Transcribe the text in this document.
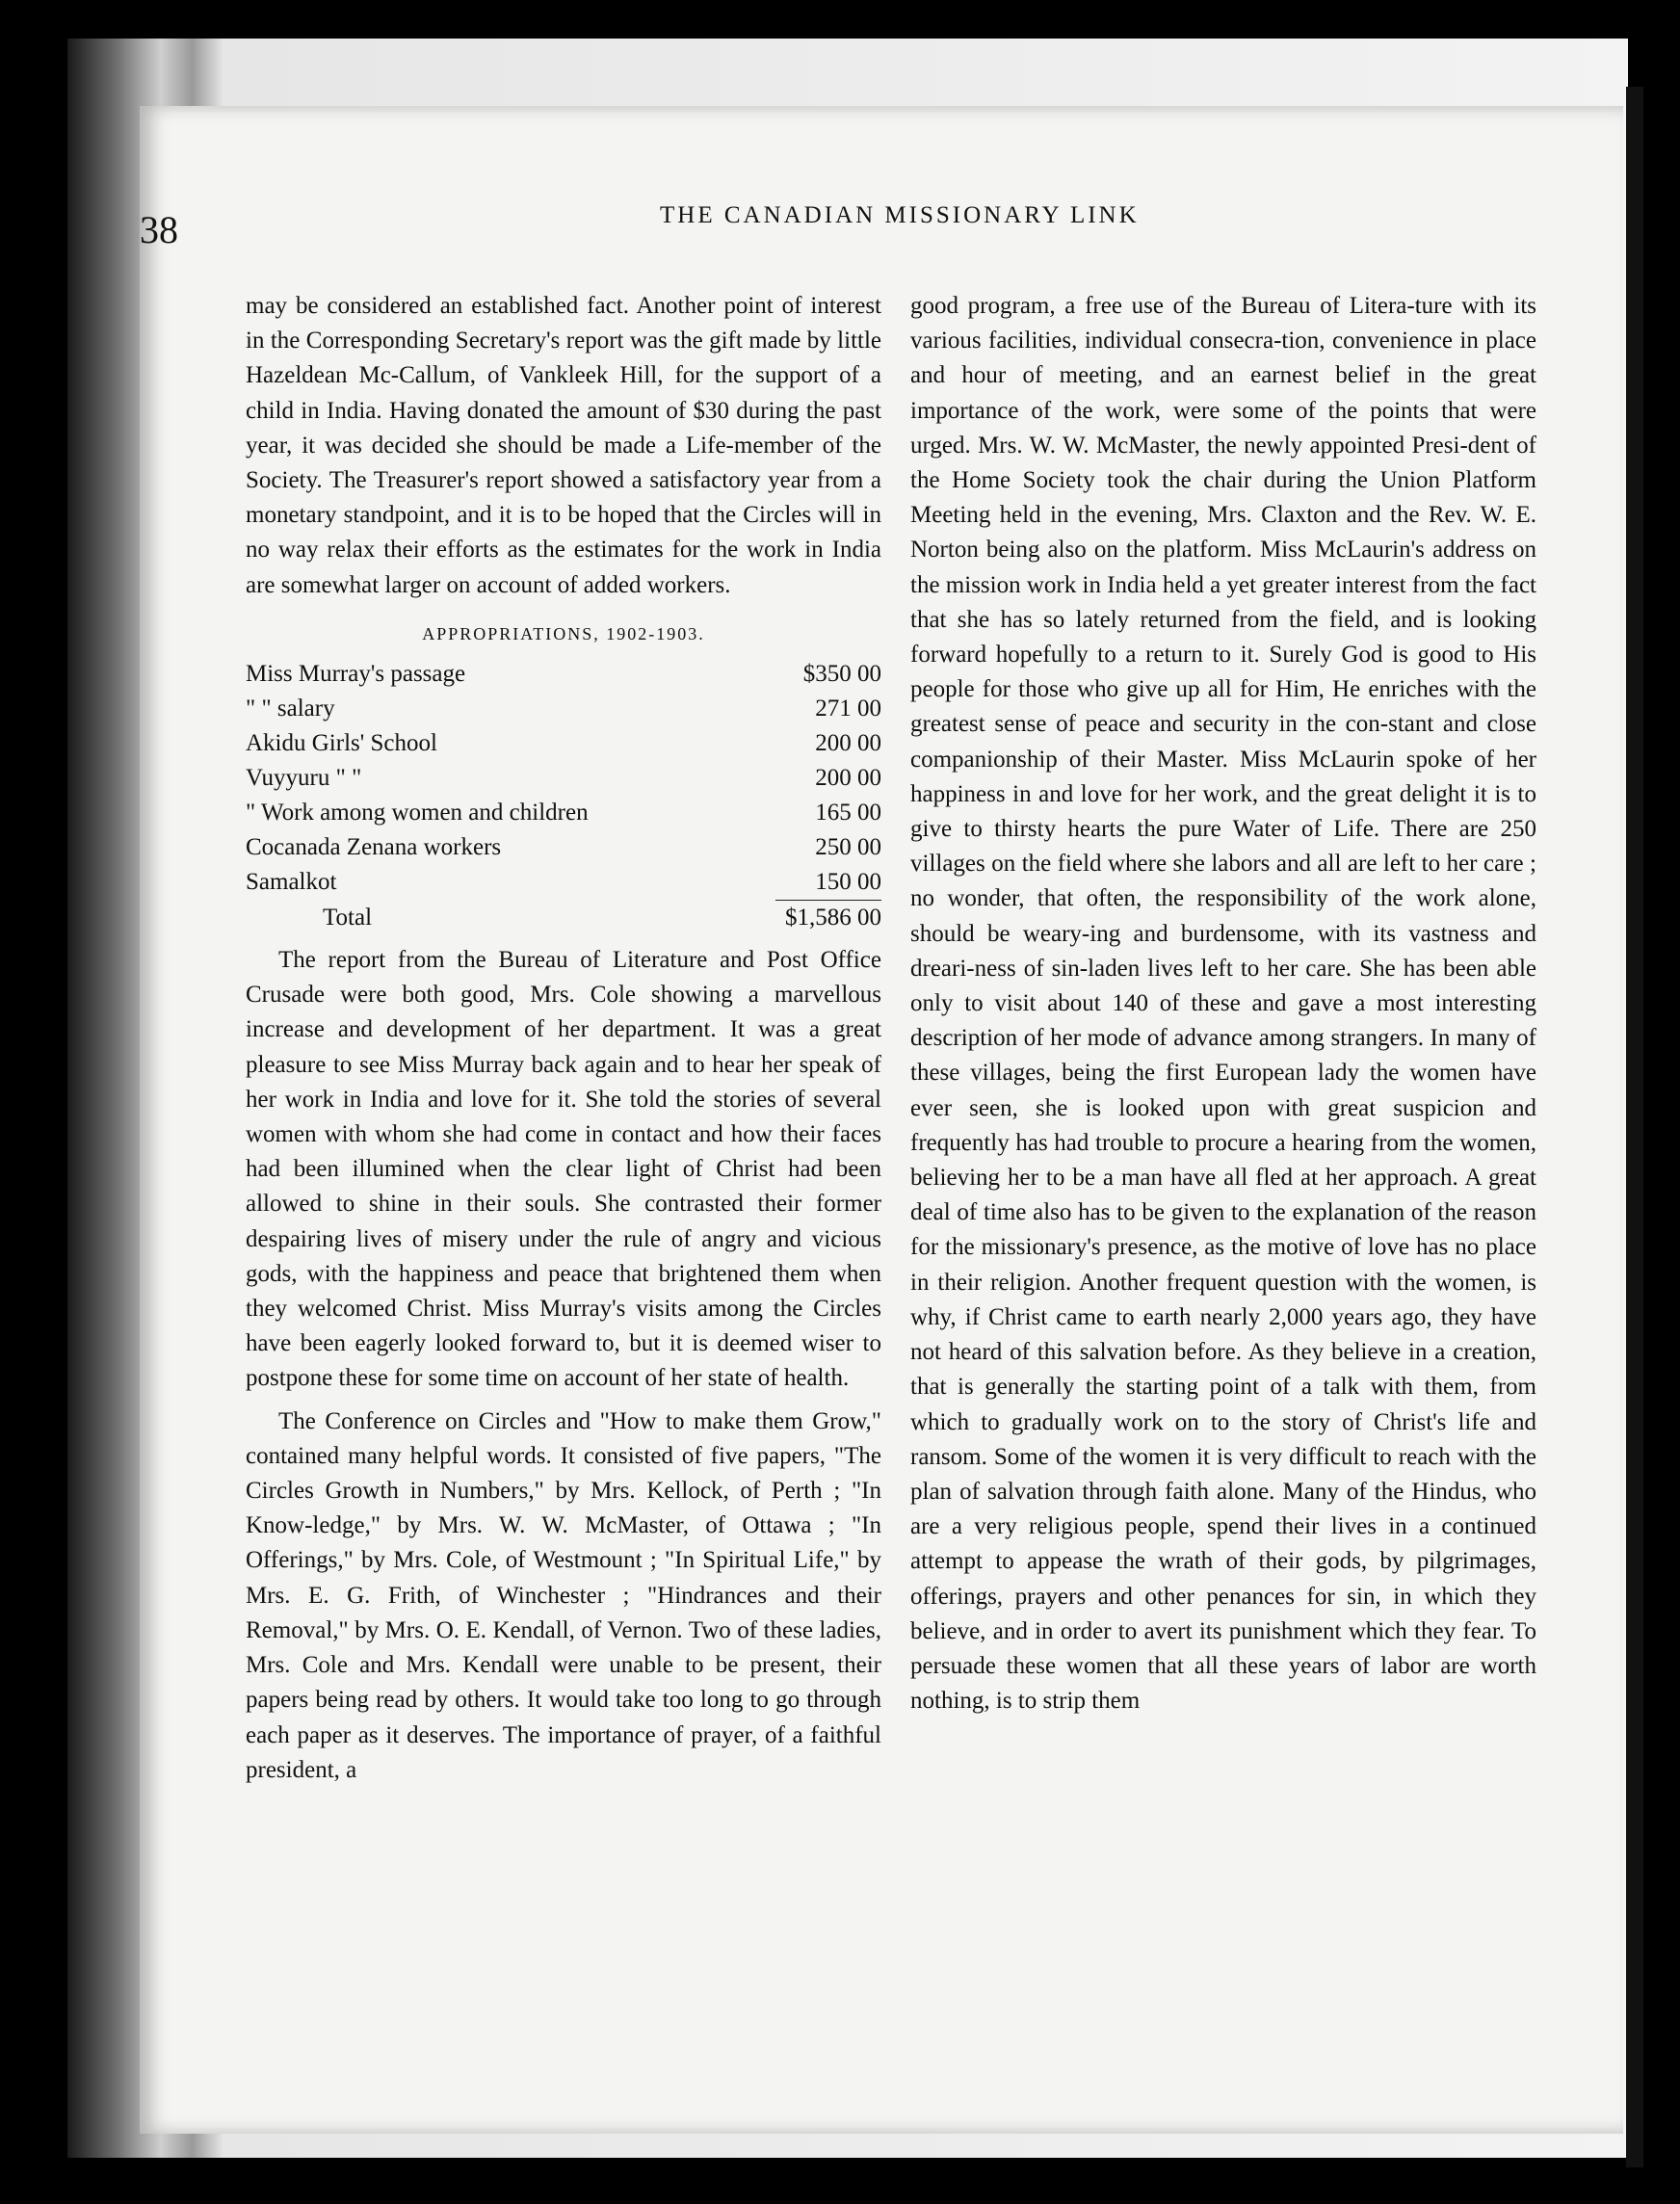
38	THE CANADIAN MISSIONARY LINK

may be considered an established fact. Another point of interest in the Corresponding Secretary's report was the gift made by little Hazeldean Mc-Callum, of Vankleek Hill, for the support of a child in India. Having donated the amount of $30 during the past year, it was decided she should be made a Life-member of the Society. The Treasurer's report showed a satisfactory year from a monetary standpoint, and it is to be hoped that the Circles will in no way relax their efforts as the estimates for the work in India are somewhat larger on account of added workers.

APPROPRIATIONS, 1902-1903.
Miss Murray's passage	$350 00
" " salary	271 00
Akidu Girls' School	200 00
Vuyyuru " "	200 00
" Work among women and children	165 00
Cocanada Zenana workers	250 00
Samalkot	150 00
Total	$1,586 00

The report from the Bureau of Literature and Post Office Crusade were both good, Mrs. Cole showing a marvellous increase and development of her department. It was a great pleasure to see Miss Murray back again and to hear her speak of her work in India and love for it. She told the stories of several women with whom she had come in contact and how their faces had been illumined when the clear light of Christ had been allowed to shine in their souls. She contrasted their former despairing lives of misery under the rule of angry and vicious gods, with the happiness and peace that brightened them when they welcomed Christ. Miss Murray's visits among the Circles have been eagerly looked forward to, but it is deemed wiser to postpone these for some time on account of her state of health.

The Conference on Circles and "How to make them Grow," contained many helpful words. It consisted of five papers, "The Circles Growth in Numbers," by Mrs. Kellock, of Perth ; "In Know-ledge," by Mrs. W. W. McMaster, of Ottawa ; "In Offerings," by Mrs. Cole, of Westmount ; "In Spiritual Life," by Mrs. E. G. Frith, of Winchester ; "Hindrances and their Removal," by Mrs. O. E. Kendall, of Vernon. Two of these ladies, Mrs. Cole and Mrs. Kendall were unable to be present, their papers being read by others. It would take too long to go through each paper as it deserves. The importance of prayer, of a faithful president, a

good program, a free use of the Bureau of Litera-ture with its various facilities, individual consecra-tion, convenience in place and hour of meeting, and an earnest belief in the great importance of the work, were some of the points that were urged. Mrs. W. W. McMaster, the newly appointed Presi-dent of the Home Society took the chair during the Union Platform Meeting held in the evening, Mrs. Claxton and the Rev. W. E. Norton being also on the platform. Miss McLaurin's address on the mission work in India held a yet greater interest from the fact that she has so lately returned from the field, and is looking forward hopefully to a return to it. Surely God is good to His people for those who give up all for Him, He enriches with the greatest sense of peace and security in the con-stant and close companionship of their Master. Miss McLaurin spoke of her happiness in and love for her work, and the great delight it is to give to thirsty hearts the pure Water of Life. There are 250 villages on the field where she labors and all are left to her care ; no wonder, that often, the responsibility of the work alone, should be weary-ing and burdensome, with its vastness and dreari-ness of sin-laden lives left to her care. She has been able only to visit about 140 of these and gave a most interesting description of her mode of advance among strangers. In many of these villages, being the first European lady the women have ever seen, she is looked upon with great suspicion and frequently has had trouble to procure a hearing from the women, believing her to be a man have all fled at her approach. A great deal of time also has to be given to the explanation of the reason for the missionary's presence, as the motive of love has no place in their religion. Another frequent question with the women, is why, if Christ came to earth nearly 2,000 years ago, they have not heard of this salvation before. As they believe in a creation, that is generally the starting point of a talk with them, from which to gradually work on to the story of Christ's life and ransom. Some of the women it is very difficult to reach with the plan of salvation through faith alone. Many of the Hindus, who are a very religious people, spend their lives in a continued attempt to appease the wrath of their gods, by pilgrimages, offerings, prayers and other penances for sin, in which they believe, and in order to avert its punishment which they fear. To persuade these women that all these years of labor are worth nothing, is to strip them
